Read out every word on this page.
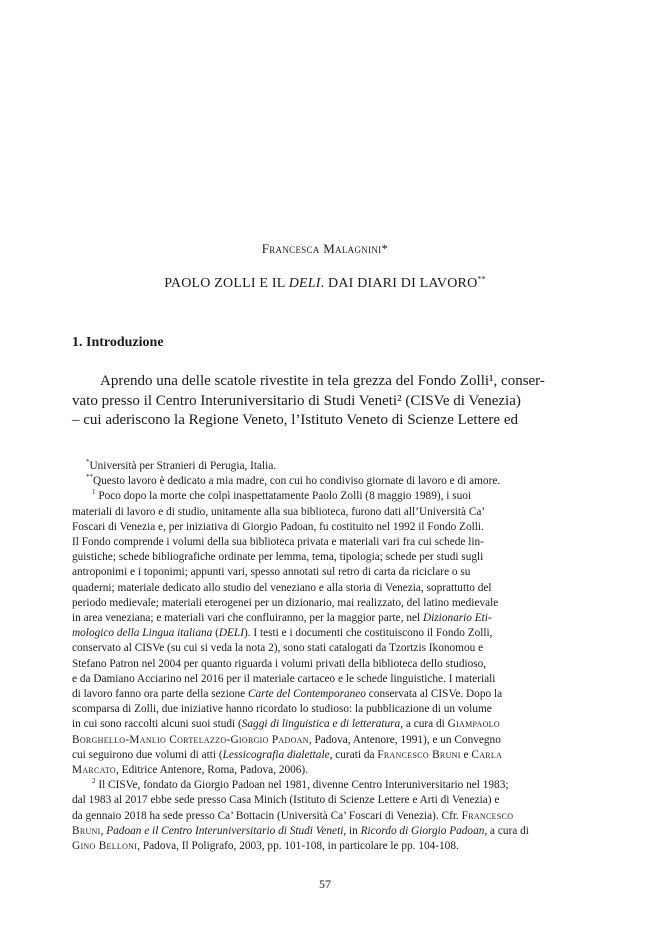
Francesca Malagnini*
PAOLO ZOLLI E IL DELI. DAI DIARI DI LAVORO**
1. Introduzione
Aprendo una delle scatole rivestite in tela grezza del Fondo Zolli¹, conser-
vato presso il Centro Interuniversitario di Studi Veneti² (CISVe di Venezia)
– cui aderiscono la Regione Veneto, l’Istituto Veneto di Scienze Lettere ed
*Università per Stranieri di Perugia, Italia.
**Questo lavoro è dedicato a mia madre, con cui ho condiviso giornate di lavoro e di amore.
$^1$ Poco dopo la morte che colpì inaspettatamente Paolo Zolli (8 maggio 1989), i suoi
materiali di lavoro e di studio, unitamente alla sua biblioteca, furono dati all’Università Ca’
Foscari di Venezia e, per iniziativa di Giorgio Padoan, fu costituito nel 1992 il Fondo Zolli.
Il Fondo comprende i volumi della sua biblioteca privata e materiali vari fra cui schede lin-
guistiche; schede bibliografiche ordinate per lemma, tema, tipologia; schede per studi sugli
antroponimi e i toponimi; appunti vari, spesso annotati sul retro di carta da riciclare o su
quaderni; materiale dedicato allo studio del veneziano e alla storia di Venezia, soprattutto del
periodo medievale; materiali eterogenei per un dizionario, mai realizzato, del latino medievale
in area veneziana; e materiali vari che confluiranno, per la maggior parte, nel Dizionario Eti-
mologico della Lingua italiana (DELI). I testi e i documenti che costituiscono il Fondo Zolli,
conservato al CISVe (su cui si veda la nota 2), sono stati catalogati da Tzortzis Ikonomou e
Stefano Patron nel 2004 per quanto riguarda i volumi privati della biblioteca dello studioso,
e da Damiano Acciarino nel 2016 per il materiale cartaceo e le schede linguistiche. I materiali
di lavoro fanno ora parte della sezione Carte del Contemporaneo conservata al CISVe. Dopo la
scomparsa di Zolli, due iniziative hanno ricordato lo studioso: la pubblicazione di un volume
in cui sono raccolti alcuni suoi studi (Saggi di linguistica e di letteratura, a cura di Giampaolo
Borghello-Manlio Cortelazzo-Giorgio Padoan, Padova, Antenore, 1991), e un Convegno
cui seguirono due volumi di atti (Lessicografia dialettale, curati da Francesco Bruni e Carla
Marcato, Editrice Antenore, Roma, Padova, 2006).
$^2$ Il CISVe, fondato da Giorgio Padoan nel 1981, divenne Centro Interuniversitario nel 1983;
dal 1983 al 2017 ebbe sede presso Casa Minich (Istituto di Scienze Lettere e Arti di Venezia) e
da gennaio 2018 ha sede presso Ca’ Bottacin (Università Ca’ Foscari di Venezia). Cfr. Francesco
Bruni, Padoan e il Centro Interuniversitario di Studi Veneti, in Ricordo di Giorgio Padoan, a cura di
Gino Belloni, Padova, Il Poligrafo, 2003, pp. 101-108, in particolare le pp. 104-108.
57
